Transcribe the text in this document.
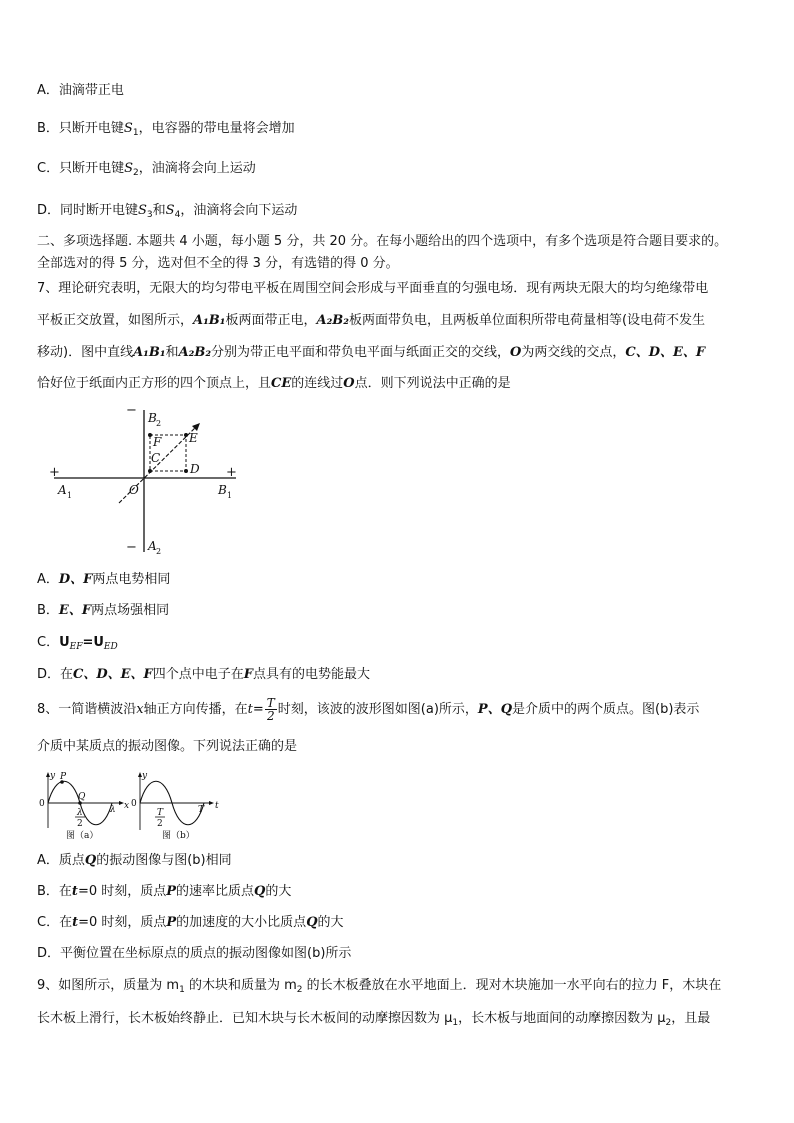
A．油滴带正电
B．只断开电键$S_1$，电容器的带电量将会增加
C．只断开电键$S_2$，油滴将会向上运动
D．同时断开电键$S_3$和$S_4$，油滴将会向下运动
二、多项选择题. 本题共 4 小题，每小题 5 分，共 20 分。在每小题给出的四个选项中，有多个选项是符合题目要求的。
全部选对的得 5 分，选对但不全的得 3 分，有选错的得 0 分。
7、理论研究表明，无限大的均匀带电平板在周围空间会形成与平面垂直的匀强电场．现有两块无限大的均匀绝缘带电
平板正交放置，如图所示，A₁B₁板两面带正电，A₂B₂板两面带负电，且两板单位面积所带电荷量相等(设电荷不发生
移动)．图中直线A₁B₁和A₂B₂分别为带正电平面和带负电平面与纸面正交的交线，O为两交线的交点，C、D、E、F
恰好位于纸面内正方形的四个顶点上，且CE的连线过O点．则下列说法中正确的是
+	+
−
−
B 2
A 1	B 1
A 2
F
C
D
E
O
A．D、F两点电势相同
B．E、F两点场强相同
C．$U_{EF}=U_{ED}$
D．在C、D、E、F四个点中电子在F点具有的电势能最大
8、一简谐横波沿x轴正方向传播，在$t= \frac{T}{2}$ 时刻，该波的波形图如图(a)所示，P、Q是介质中的两个质点。图(b)表示
介质中某质点的振动图像。下列说法正确的是
y P
Q
0	x
λ
λ
2
图（a）
y
0	t
T
T
2
图（b）
A．质点Q的振动图像与图(b)相同
B．在t=0 时刻，质点P的速率比质点Q的大
C．在t=0 时刻，质点P的加速度的大小比质点Q的大
D．平衡位置在坐标原点的质点的振动图像如图(b)所示
9、如图所示，质量为 $m_1$ 的木块和质量为 $m_2$ 的长木板叠放在水平地面上．现对木块施加一水平向右的拉力 F，木块在
长木板上滑行，长木板始终静止．已知木块与长木板间的动摩擦因数为 $\mu_1$，长木板与地面间的动摩擦因数为 $\mu_2$，且最
